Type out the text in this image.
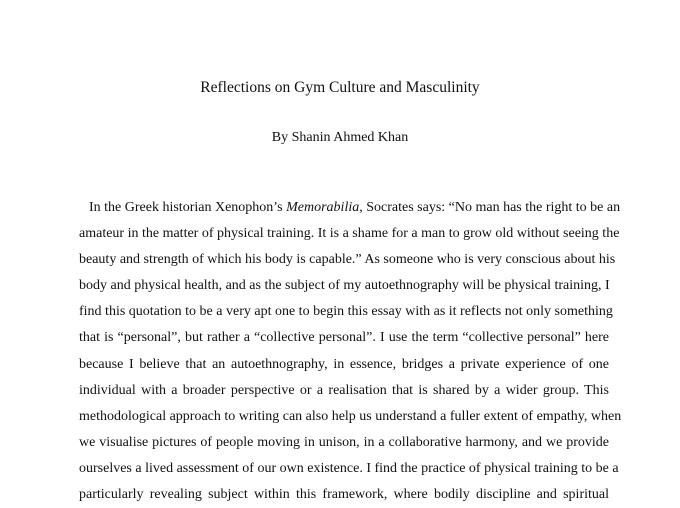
Reflections on Gym Culture and Masculinity

By Shanin Ahmed Khan

In the Greek historian Xenophon’s Memorabilia, Socrates says: “No man has the right to be an
amateur in the matter of physical training. It is a shame for a man to grow old without seeing the
beauty and strength of which his body is capable.” As someone who is very conscious about his
body and physical health, and as the subject of my autoethnography will be physical training, I
find this quotation to be a very apt one to begin this essay with as it reflects not only something
that is “personal”, but rather a “collective personal”. I use the term “collective personal” here
because I believe that an autoethnography, in essence, bridges a private experience of one
individual with a broader perspective or a realisation that is shared by a wider group. This
methodological approach to writing can also help us understand a fuller extent of empathy, when
we visualise pictures of people moving in unison, in a collaborative harmony, and we provide
ourselves a lived assessment of our own existence. I find the practice of physical training to be a
particularly revealing subject within this framework, where bodily discipline and spiritual
